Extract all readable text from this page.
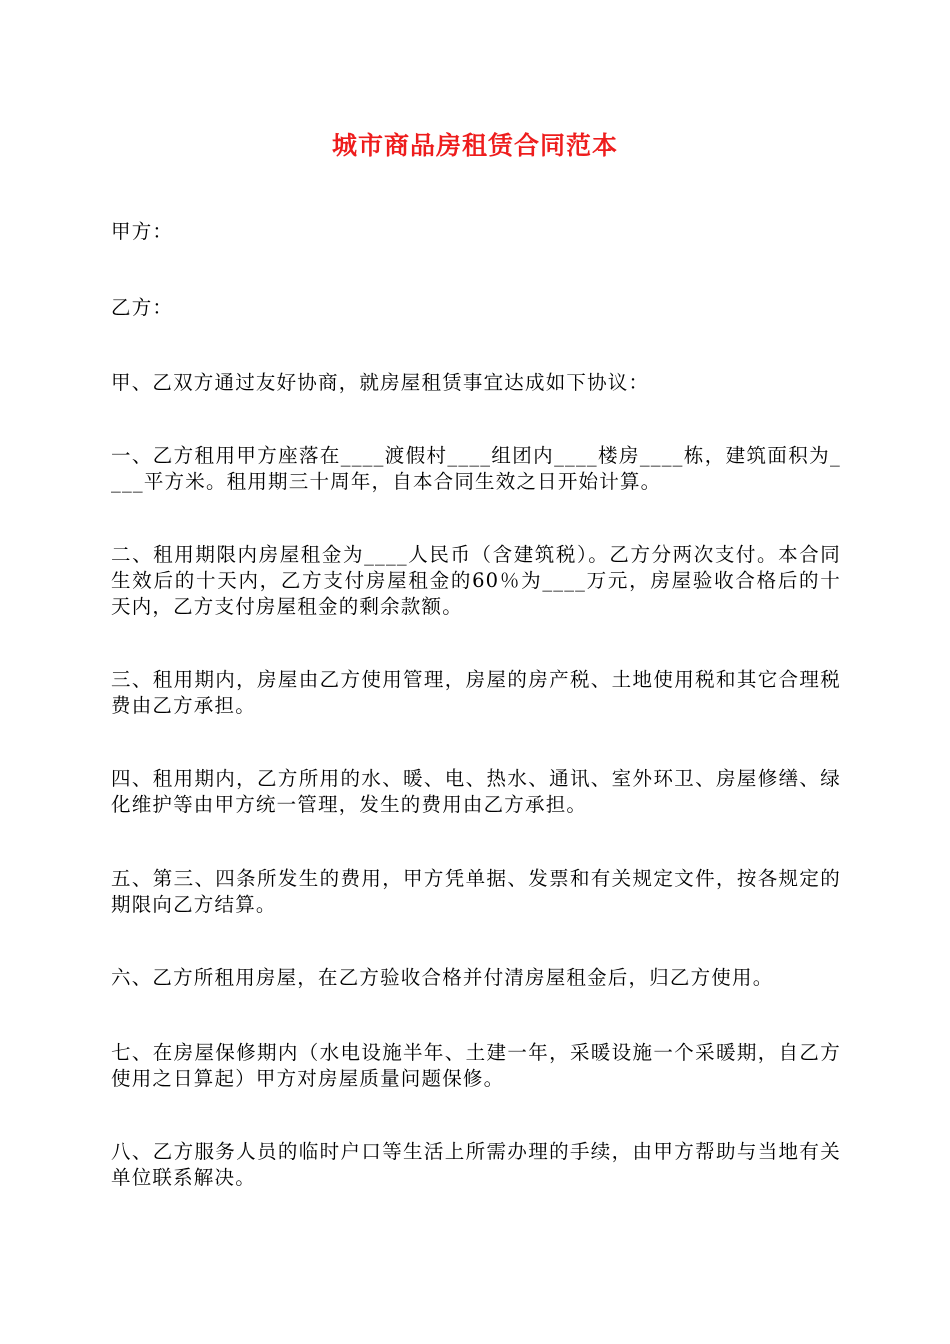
城市商品房租赁合同范本

甲方：

乙方：

甲、乙双方通过友好协商，就房屋租赁事宜达成如下协议：

一、乙方租用甲方座落在____渡假村____组团内____楼房____栋，建筑面积为____平方米。租用期三十周年，自本合同生效之日开始计算。

二、租用期限内房屋租金为____人民币（含建筑税）。乙方分两次支付。本合同生效后的十天内，乙方支付房屋租金的60％为____万元，房屋验收合格后的十天内，乙方支付房屋租金的剩余款额。

三、租用期内，房屋由乙方使用管理，房屋的房产税、土地使用税和其它合理税费由乙方承担。

四、租用期内，乙方所用的水、暖、电、热水、通讯、室外环卫、房屋修缮、绿化维护等由甲方统一管理，发生的费用由乙方承担。

五、第三、四条所发生的费用，甲方凭单据、发票和有关规定文件，按各规定的期限向乙方结算。

六、乙方所租用房屋，在乙方验收合格并付清房屋租金后，归乙方使用。

七、在房屋保修期内（水电设施半年、土建一年，采暖设施一个采暖期，自乙方使用之日算起）甲方对房屋质量问题保修。

八、乙方服务人员的临时户口等生活上所需办理的手续，由甲方帮助与当地有关单位联系解决。
